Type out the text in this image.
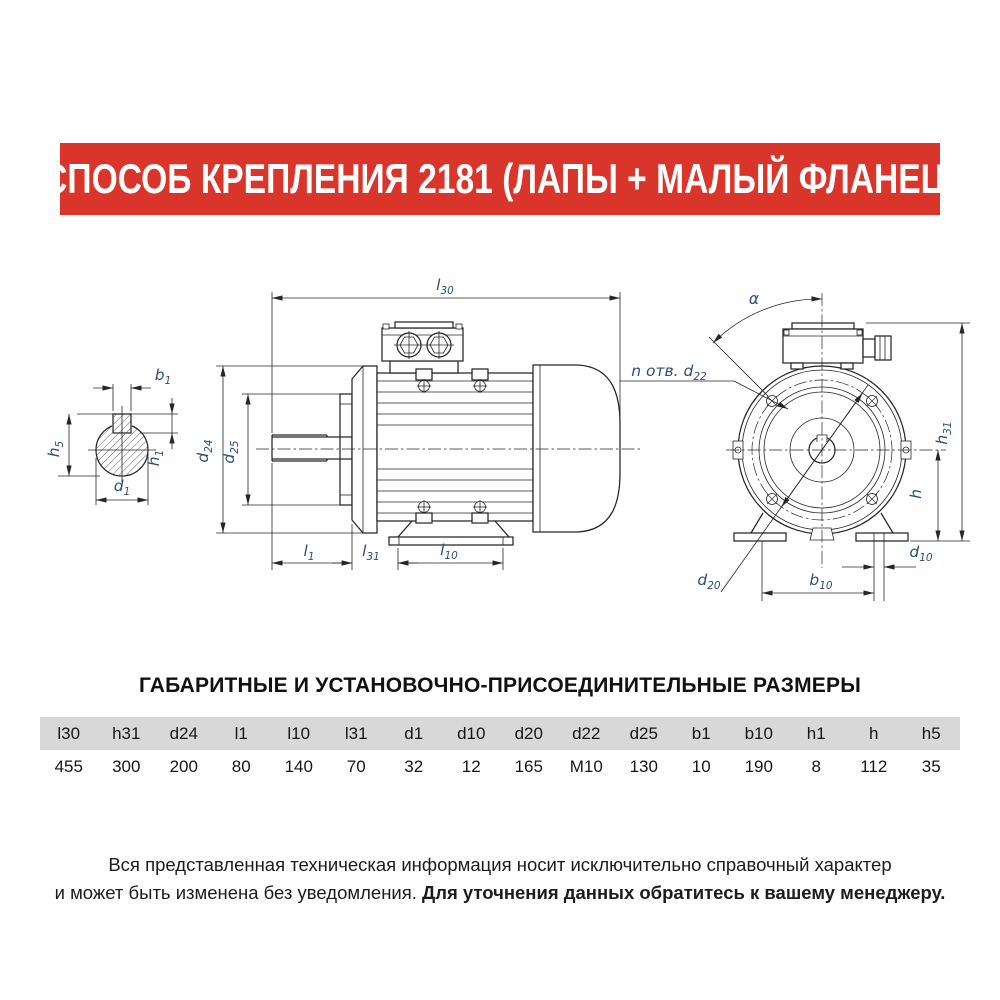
СПОСОБ КРЕПЛЕНИЯ 2181 (ЛАПЫ + МАЛЫЙ ФЛАНЕЦ)
$b_1$
$h_5$
$h_1$
$d_1$
$l_{30}$
$d_{24}$
$d_{25}$
$l_1$	$l_{31}$	$l_{10}$
$d_{20}$
α
n отв. $d_{22}$
$h_{31}$
h
$d_{10}$
$b_{10}$
ГАБАРИТНЫЕ И УСТАНОВОЧНО-ПРИСОЕДИНИТЕЛЬНЫЕ РАЗМЕРЫ
l30	h31	d24	l1	l10	l31	d1	d10	d20	d22	d25	b1	b10	h1	h	h5
455	300	200	80	140	70	32	12	165	M10	130	10	190	8	112	35
Вся представленная техническая информация носит исключительно справочный характер
и может быть изменена без уведомления. Для уточнения данных обратитесь к вашему менеджеру.
